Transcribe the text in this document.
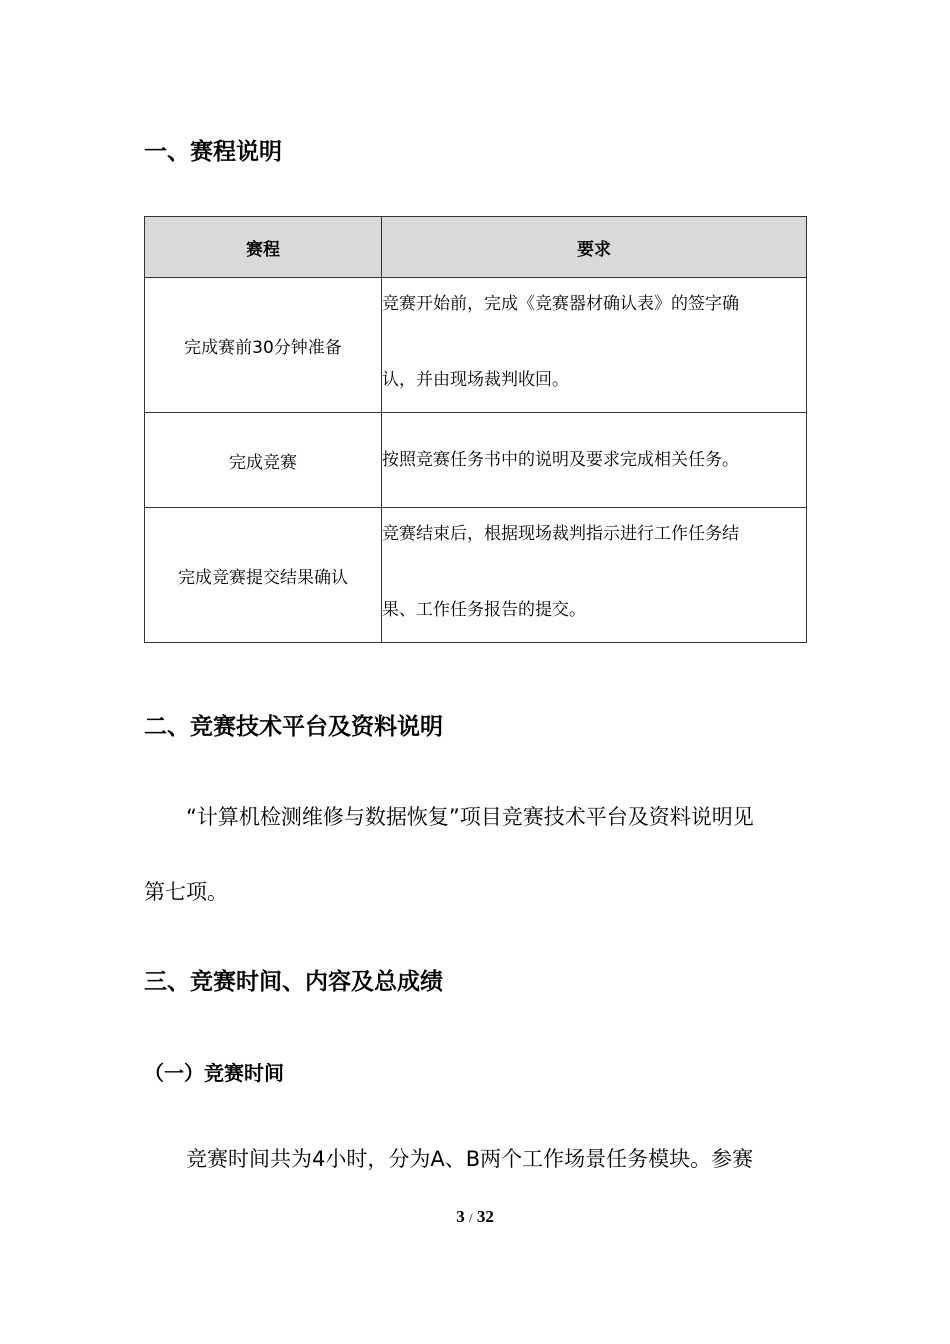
一、赛程说明
赛程	要求
完成赛前30分钟准备	竞赛开始前，完成《竞赛器材确认表》的签字确
认，并由现场裁判收回。

完成竞赛	按照竞赛任务书中的说明及要求完成相关任务。

完成竞赛提交结果确认	竞赛结束后，根据现场裁判指示进行工作任务结
果、工作任务报告的提交。
二、竞赛技术平台及资料说明

“计算机检测维修与数据恢复”项目竞赛技术平台及资料说明见

第七项。

三、竞赛时间、内容及总成绩
（一）竞赛时间

竞赛时间共为4小时，分为A、B两个工作场景任务模块。参赛

3 / 32
